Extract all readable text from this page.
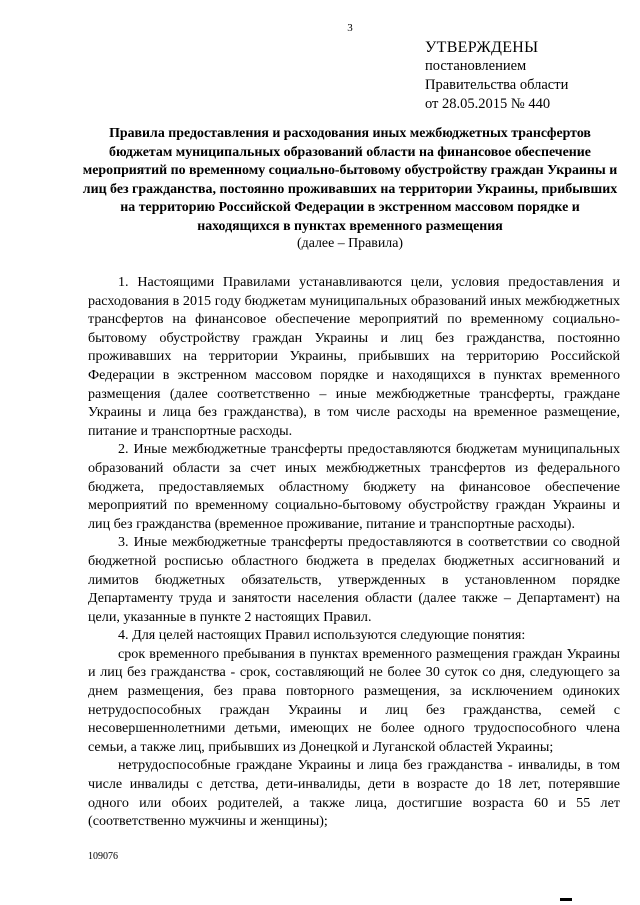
3
УТВЕРЖДЕНЫ
постановлением
Правительства области
от 28.05.2015 № 440
Правила предоставления и расходования иных межбюджетных трансфертов бюджетам муниципальных образований области на финансовое обеспечение мероприятий по временному социально-бытовому обустройству граждан Украины и лиц без гражданства, постоянно проживавших на территории Украины, прибывших на территорию Российской Федерации в экстренном массовом порядке и находящихся в пунктах временного размещения
(далее – Правила)

1. Настоящими Правилами устанавливаются цели, условия предоставления и расходования в 2015 году бюджетам муниципальных образований иных межбюджетных трансфертов на финансовое обеспечение мероприятий по временному социально-бытовому обустройству граждан Украины и лиц без гражданства, постоянно проживавших на территории Украины, прибывших на территорию Российской Федерации в экстренном массовом порядке и находящихся в пунктах временного размещения (далее соответственно – иные межбюджетные трансферты, граждане Украины и лица без гражданства), в том числе расходы на временное размещение, питание и транспортные расходы.

2. Иные межбюджетные трансферты предоставляются бюджетам муниципальных образований области за счет иных межбюджетных трансфертов из федерального бюджета, предоставляемых областному бюджету на финансовое обеспечение мероприятий по временному социально-бытовому обустройству граждан Украины и лиц без гражданства (временное проживание, питание и транспортные расходы).

3. Иные межбюджетные трансферты предоставляются в соответствии со сводной бюджетной росписью областного бюджета в пределах бюджетных ассигнований и лимитов бюджетных обязательств, утвержденных в установленном порядке Департаменту труда и занятости населения области (далее также – Департамент) на цели, указанные в пункте 2 настоящих Правил.

4. Для целей настоящих Правил используются следующие понятия:

срок временного пребывания в пунктах временного размещения граждан Украины и лиц без гражданства - срок, составляющий не более 30 суток со дня, следующего за днем размещения, без права повторного размещения, за исключением одиноких нетрудоспособных граждан Украины и лиц без гражданства, семей с несовершеннолетними детьми, имеющих не более одного трудоспособного члена семьи, а также лиц, прибывших из Донецкой и Луганской областей Украины;

нетрудоспособные граждане Украины и лица без гражданства - инвалиды, в том числе инвалиды с детства, дети-инвалиды, дети в возрасте до 18 лет, потерявшие одного или обоих родителей, а также лица, достигшие возраста 60 и 55 лет (соответственно мужчины и женщины);

109076
